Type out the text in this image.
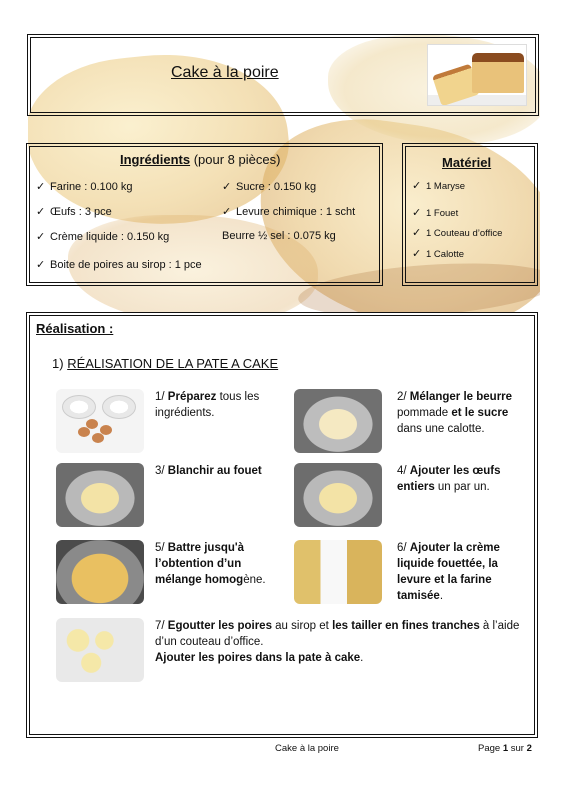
Cake à la poire
Ingrédients (pour 8 pièces)
✓ Farine : 0.100 kg	✓ Sucre : 0.150 kg
✓ Œufs : 3 pce	✓ Levure chimique : 1 scht
✓ Crème liquide : 0.150 kg	Beurre ½ sel : 0.075 kg
✓ Boite de poires au sirop : 1 pce
Matériel
✓ 1 Maryse
✓ 1 Fouet
✓ 1 Couteau d’office
✓ 1 Calotte
Réalisation :
1) RÉALISATION DE LA PATE A CAKE
1/ Préparez tous les ingrédients.
2/ Mélanger le beurre pommade et le sucre dans une calotte.
3/ Blanchir au fouet	4/ Ajouter les œufs entiers un par un.
5/ Battre jusqu'à l’obtention d’un mélange homogène.
6/ Ajouter la crème liquide fouettée, la levure et la farine tamisée.
7/ Egoutter les poires au sirop et les tailler en fines tranches à l’aide d’un couteau d’office.
Ajouter les poires dans la pate à cake.
Cake à la poire	Page 1 sur 2
